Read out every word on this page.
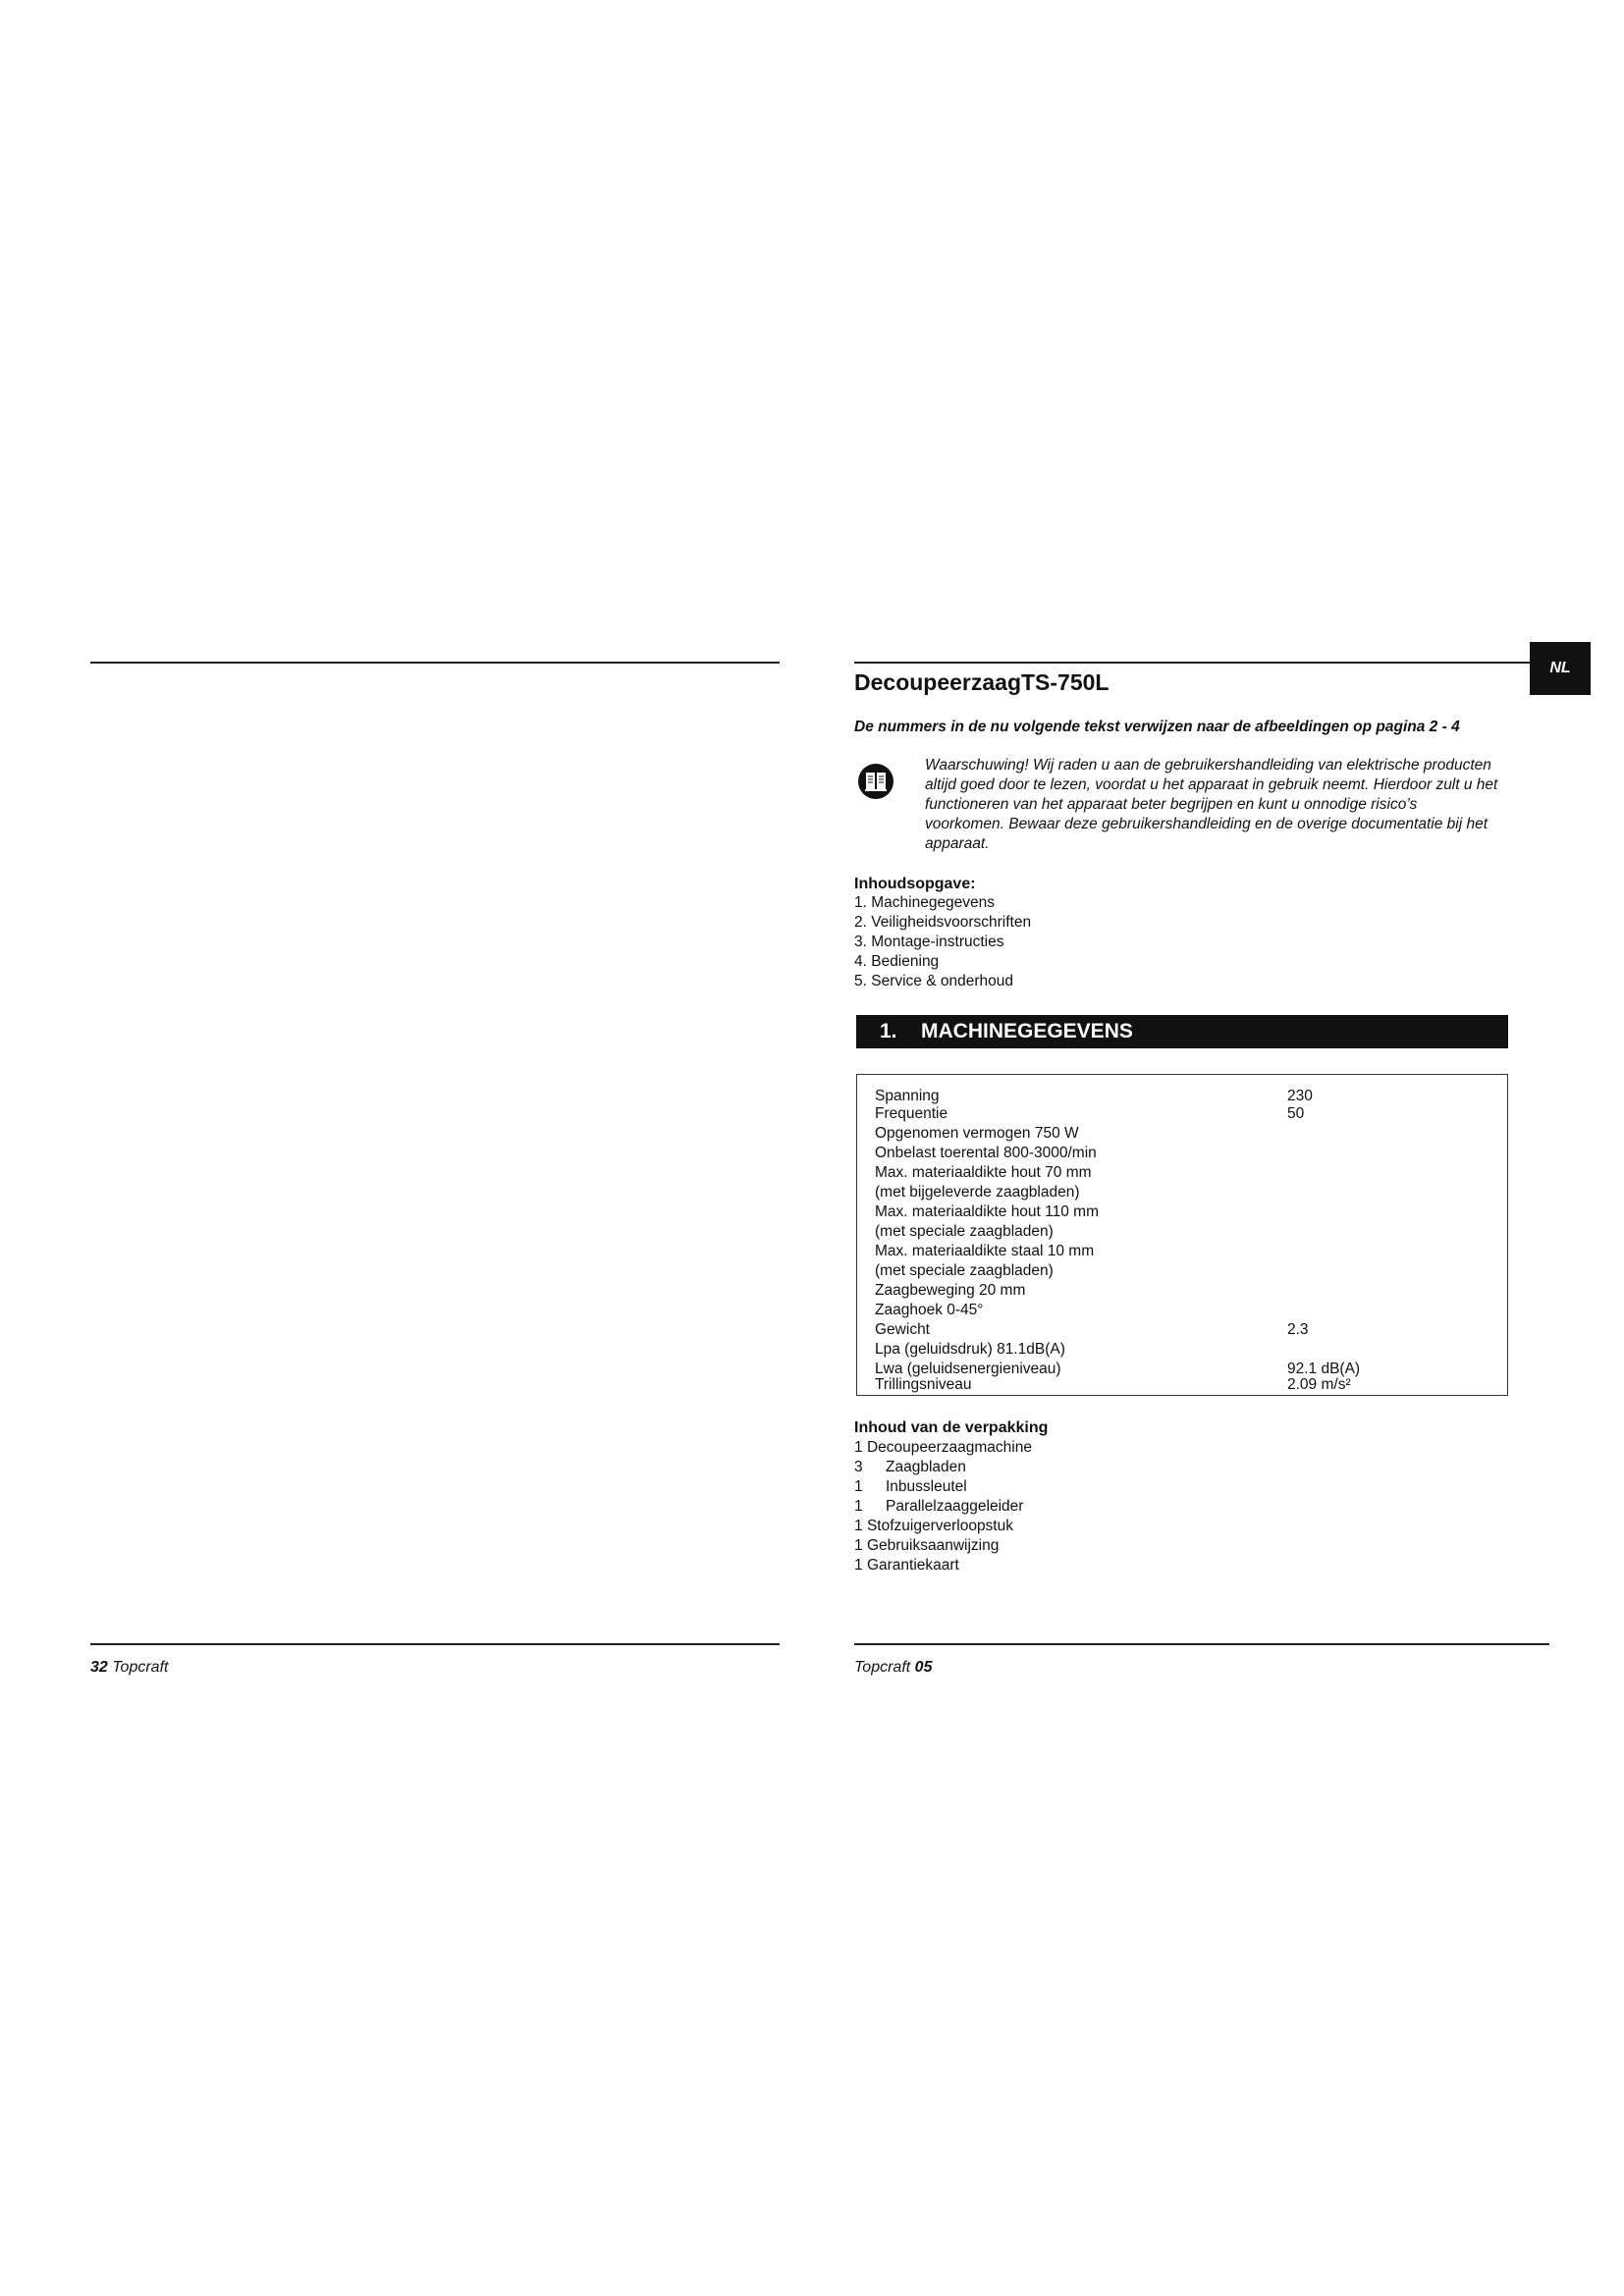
NL
DecoupeerzaagTS-750L
De nummers in de nu volgende tekst verwijzen naar de afbeeldingen op pagina 2 - 4
Waarschuwing! Wij raden u aan de gebruikershandleiding van elektrische producten
altijd goed door te lezen, voordat u het apparaat in gebruik neemt. Hierdoor zult u het
functioneren van het apparaat beter begrijpen en kunt u onnodige risico’s
voorkomen. Bewaar deze gebruikershandleiding en de overige documentatie bij het
apparaat.
Inhoudsopgave:
1. Machinegegevens
2. Veiligheidsvoorschriften
3. Montage-instructies
4. Bediening
5. Service & onderhoud
1.	MACHINEGEGEVENS
Spanning	230
Frequentie	50
Opgenomen vermogen 750 W
Onbelast toerental 800-3000/min
Max. materiaaldikte hout 70 mm
(met bijgeleverde zaagbladen)
Max. materiaaldikte hout 110 mm
(met speciale zaagbladen)
Max. materiaaldikte staal 10 mm
(met speciale zaagbladen)
Zaagbeweging 20 mm
Zaaghoek 0-45°
Gewicht	2.3
Lpa (geluidsdruk) 81.1dB(A)
Lwa (geluidsenergieniveau)	92.1 dB(A)
Trillingsniveau	2.09 m/s²
Inhoud van de verpakking
1 Decoupeerzaagmachine
3 Zaagbladen
1 Inbussleutel
1 Parallelzaaggeleider
1 Stofzuigerverloopstuk
1 Gebruiksaanwijzing
1 Garantiekaart
32 Topcraft	Topcraft 05
